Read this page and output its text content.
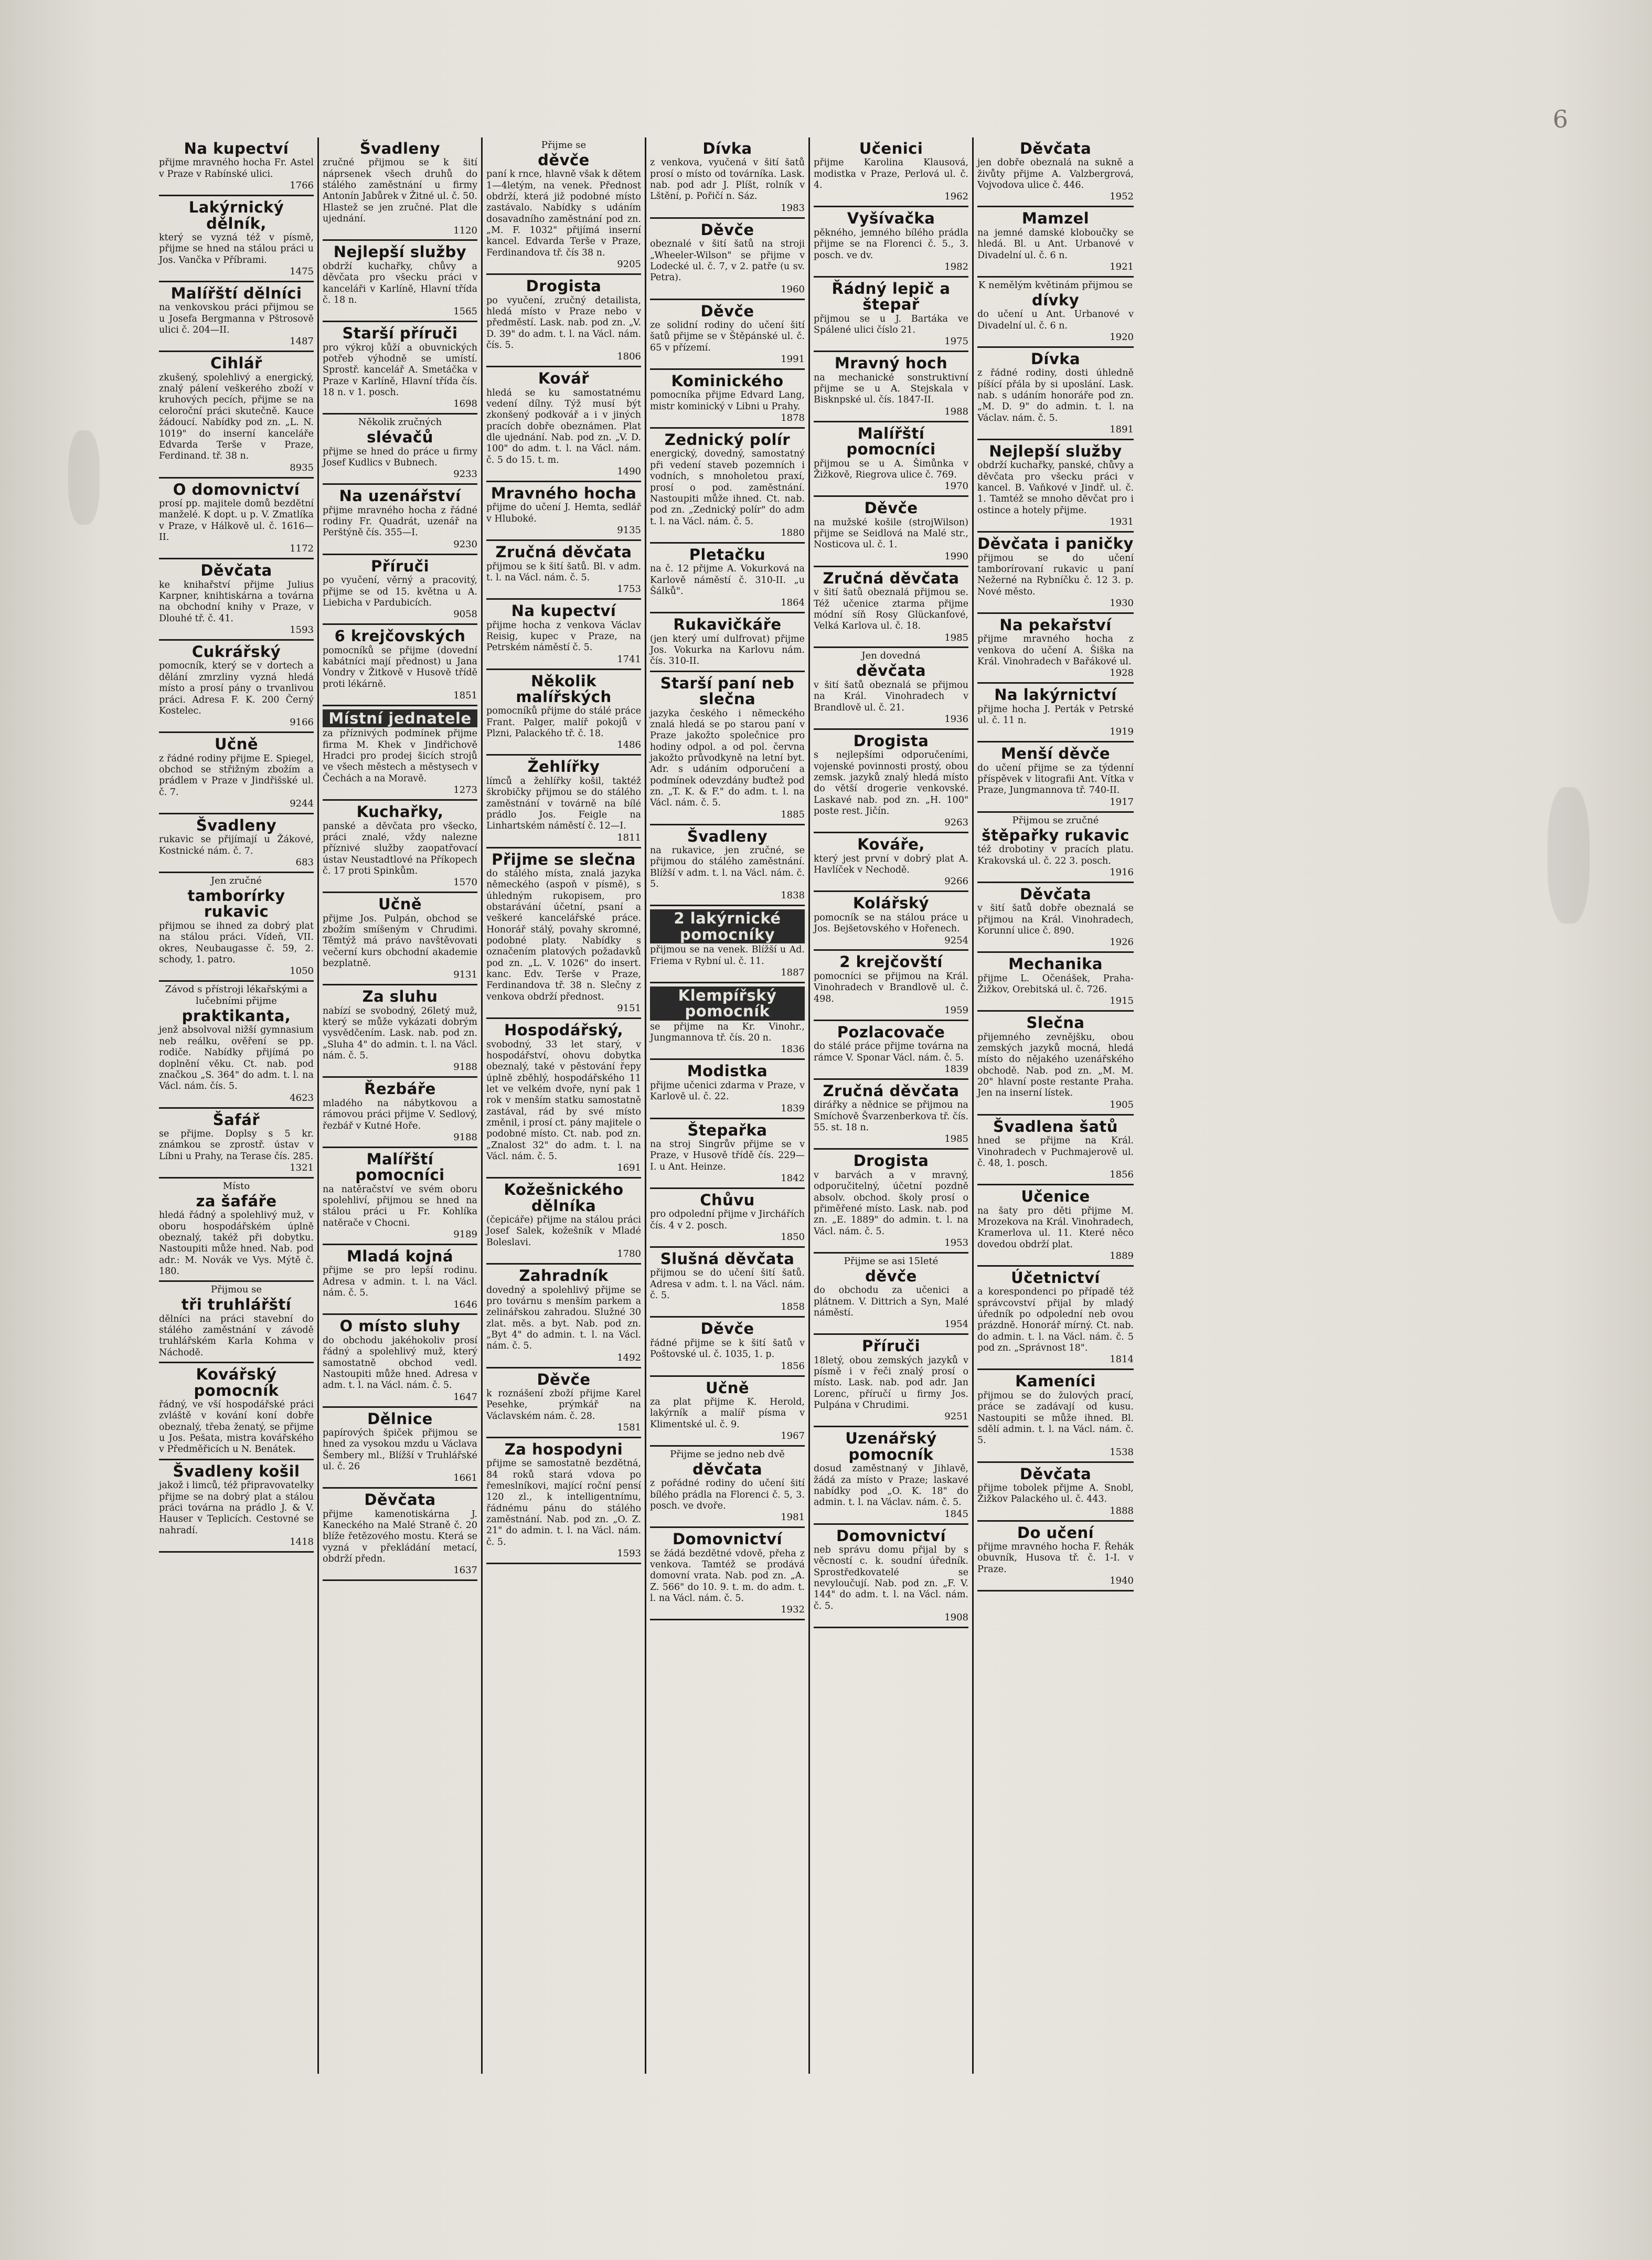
6
Na kupectví
přijme mravného hocha Fr. Astel v Praze v Rabínské ulici.
1766
Lakýrnický dělník,
který se vyzná též v písmě, přijme se hned na stálou práci u Jos. Vančka v Příbrami.
1475
Malířští dělníci
na venkovskou práci přijmou se u Josefa Bergmanna v Pštrosově ulici č. 204—II.
1487
Cihlář
zkušený, spolehlivý a energický, znalý pálení veškerého zboží v kruhových pecích, přijme se na celoroční práci skutečně. Kauce žádoucí. Nabídky pod zn. „L. N. 1019" do inserní kanceláře Edvarda Terše v Praze, Ferdinand. tř. 38 n.
8935
O domovnictví
prosí pp. majitele domů bezdětní manželé. K dopt. u p. V. Zmatlíka v Praze, v Hálkově ul. č. 1616—II.
1172
Děvčata
ke knihařství přijme Julius Karpner, knihtiskárna a továrna na obchodní knihy v Praze, v Dlouhé tř. č. 41.
1593
Cukrářský
pomocník, který se v dortech a dělání zmrzliny vyzná hledá místo a prosí pány o trvanlivou práci. Adresa F. K. 200 Černý Kostelec.
9166
Učně
z řádné rodiny přijme E. Spiegel, obchod se střižným zbožím a prádlem v Praze v Jindřišské ul. č. 7.
9244
Švadleny
rukavic se přijímají u Žákové, Kostnické nám. č. 7.
683
Jen zručné
tamborírky rukavic
přijmou se ihned za dobrý plat na stálou práci. Vídeň, VII. okres, Neubaugasse č. 59, 2. schody, 1. patro.
1050
Závod s přístroji lékařskými a lučebními přijme
praktikanta,
jenž absolvoval nižší gymnasium neb reálku, ověření se pp. rodiče. Nabídky přijímá po doplnění věku. Ct. nab. pod značkou „S. 364" do adm. t. l. na Václ. nám. čís. 5.
4623
Šafář
se přijme. Doplsy s 5 kr. známkou se zprostř. ústav v Líbni u Prahy, na Terase čís. 285.
1321
Místo
za šafáře
hledá řádný a spolehlivý muž, v oboru hospodářském úplně obeznalý, takéž při dobytku. Nastoupiti může hned. Nab. pod adr.: M. Novák ve Vys. Mýtě č. 180.
Přijmou se
tři truhlářští
dělníci na práci stavební do stálého zaměstnání v závodě truhlářském Karla Kohma v Náchodě.
Kovářský pomocník
řádný, ve vší hospodářské práci zvláště v kování koní dobře obeznalý, třeba ženatý, se přijme u Jos. Pešata, mistra kovářského v Předměřicích u N. Benátek.
Švadleny košil
jakož i limců, též připravovatelky přijme se na dobrý plat a stálou práci továrna na prádlo J. & V. Hauser v Teplicích. Cestovné se nahradí.
1418
Švadleny
zručné přijmou se k šití náprsenek všech druhů do stálého zaměstnání u firmy Antonín Jabůrek v Žitné ul. č. 50. Hlastež se jen zručné. Plat dle ujednání.
1120
Nejlepší služby
obdrží kuchařky, chůvy a děvčata pro všecku práci v kanceláři v Karlíně, Hlavní třída č. 18 n.
1565
Starší příruči
pro výkroj kůží a obuvnických potřeb výhodně se umístí. Sprostř. kancelář A. Smetáčka v Praze v Karlíně, Hlavní třída čís. 18 n. v 1. posch.
1698
Několik zručných
slévačů
přijme se hned do práce u firmy Josef Kudlics v Bubnech.
9233
Na uzenářství
přijme mravného hocha z řádné rodiny Fr. Quadrát, uzenář na Perštýně čís. 355—I.
9230
Příruči
po vyučení, věrný a pracovitý, přijme se od 15. května u A. Liebicha v Pardubicích.
9058
6 krejčovských
pomocníků se přijme (dovední kabátníci mají přednost) u Jana Vondry v Žitkově v Husově třídě proti lékárně.
1851
Místní jednatele
za příznivých podmínek přijme firma M. Khek v Jindřichově Hradci pro prodej šicích strojů ve všech městech a městysech v Čechách a na Moravě.
1273
Kuchařky,
panské a děvčata pro všecko, práci znalé, vždy nalezne příznivé služby zaopatřovací ústav Neustadtlové na Příkopech č. 17 proti Spinkům.
1570
Učně
přijme Jos. Pulpán, obchod se zbožím smíšeným v Chrudimi. Těmtýž má právo navštěvovati večerní kurs obchodní akademie bezplatně.
9131
Za sluhu
nabízí se svobodný, 26letý muž, který se může vykázati dobrým vysvědčením. Lask. nab. pod zn. „Sluha 4" do admin. t. l. na Václ. nám. č. 5.
9188
Řezbáře
mladého na nábytkovou a rámovou práci přijme V. Sedlový, řezbář v Kutné Hoře.
9188
Malířští pomocníci
na natěračství ve svém oboru spolehliví, přijmou se hned na stálou práci u Fr. Kohlíka natěrače v Chocni.
9189
Mladá kojná
přijme se pro lepší rodinu. Adresa v admin. t. l. na Václ. nám. č. 5.
1646
O místo sluhy
do obchodu jakéhokoliv prosí řádný a spolehlivý muž, který samostatně obchod vedl. Nastoupiti může hned. Adresa v adm. t. l. na Václ. nám. č. 5.
1647
Dělnice
papírových špiček přijmou se hned za vysokou mzdu u Václava Šembery ml., Blížší v Truhlářské ul. č. 26
1661
Děvčata
přijme kamenotiskárna J. Kaneckého na Malé Straně č. 20 blíže řetězového mostu. Která se vyzná v překládání metací, obdrží předn.
1637
Přijme se
děvče
paní k rnce, hlavně však k dětem 1—4letým, na venek. Přednost obdrží, která již podobné místo zastávalo. Nabídky s udáním dosavadního zaměstnání pod zn. „M. F. 1032" přijímá inserní kancel. Edvarda Terše v Praze, Ferdinandova tř. čís 38 n.
9205
Drogista
po vyučení, zručný detailista, hledá místo v Praze nebo v předměstí. Lask. nab. pod zn. „V. D. 39" do adm. t. l. na Václ. nám. čís. 5.
1806
Kovář
hledá se ku samostatnému vedení dílny. Týž musí být zkonšený podkovář a i v jiných pracích dobře obeznámen. Plat dle ujednání. Nab. pod zn. „V. D. 100" do adm. t. l. na Václ. nám. č. 5 do 15. t. m.
1490
Mravného hocha
přijme do učení J. Hemta, sedlář v Hluboké.
9135
Zručná děvčata
přijmou se k šití šatů. Bl. v adm. t. l. na Václ. nám. č. 5.
1753
Na kupectví
přijme hocha z venkova Václav Reisig, kupec v Praze, na Petrském náměstí č. 5.
1741
Několik malířských
pomocníků přijme do stálé práce Frant. Palger, malíř pokojů v Plzni, Palackého tř. č. 18.
1486
Žehlířky
límců a žehlířky košil, taktéž škrobičky přijmou se do stálého zaměstnání v továrně na bílé prádlo Jos. Feigle na Linhartském náměstí č. 12—I.
1811
Přijme se slečna
do stálého místa, znalá jazyka německého (aspoň v písmě), s úhledným rukopisem, pro obstarávání účetní, psaní a veškeré kancelářské práce. Honorář stálý, povahy skromné, podobné platy. Nabídky s označením platových požadavků pod zn. „L. V. 1026" do insert. kanc. Edv. Terše v Praze, Ferdinandova tř. 38 n. Slečny z venkova obdrží přednost.
9151
Hospodářský,
svobodný, 33 let starý, v hospodářství, ohovu dobytka obeznalý, také v pěstování řepy úplně zběhlý, hospodářského 11 let ve velkém dvoře, nyní pak 1 rok v menším statku samostatně zastával, rád by své místo změnil, i prosí ct. pány majitele o podobné místo. Ct. nab. pod zn. „Znalost 32" do adm. t. l. na Václ. nám. č. 5.
1691
Kožešnického dělníka
(čepicáře) přijme na stálou práci Josef Salek, kožešník v Mladé Boleslavi.
1780
Zahradník
dovedný a spolehlivý přijme se pro továrnu s menším parkem a zelinářskou zahradou. Služné 30 zlat. měs. a byt. Nab. pod zn. „Byt 4" do admin. t. l. na Václ. nám. č. 5.
1492
Děvče
k roznášení zboží přijme Karel Pesehke, prýmkář na Václavském nám. č. 28.
1581
Za hospodyni
přijme se samostatně bezdětná, 84 roků stará vdova po řemeslníkovi, mající roční pensí 120 zl., k intelligentnímu, řádnému pánu do stálého zaměstnání. Nab. pod zn. „O. Z. 21" do admin. t. l. na Václ. nám. č. 5.
1593
Dívka
z venkova, vyučená v šití šatů prosí o místo od továrníka. Lask. nab. pod adr J. Plíšt, rolník v Lštění, p. Pořičí n. Sáz.
1983
Děvče
obeznalé v šití šatů na stroji „Wheeler-Wilson" se přijme v Lodecké ul. č. 7, v 2. patře (u sv. Petra).
1960
Děvče
ze solidní rodiny do učení šití šatů přijme se v Štěpánské ul. č. 65 v přízemí.
1991
Kominického
pomocníka přijme Edvard Lang, mistr kominický v Libni u Prahy.
1878
Zednický polír
energický, dovedný, samostatný při vedení staveb pozemních i vodních, s mnoholetou praxí, prosí o pod. zaměstnání. Nastoupiti může ihned. Ct. nab. pod zn. „Zednický polír" do adm t. l. na Václ. nám. č. 5.
1880
Pletačku
na č. 12 přijme A. Vokurková na Karlově náměstí č. 310-II. „u Šálků".
1864
Rukavičkáře
(jen který umí dulfrovat) přijme Jos. Vokurka na Karlovu nám. čís. 310-II.
Starší paní neb slečna
jazyka českého i německého znalá hledá se po starou paní v Praze jakožto společnice pro hodiny odpol. a od pol. června jakožto průvodkyně na letní byt. Adr. s udáním odporučení a podmínek odevzdány buďtež pod zn. „T. K. & F." do adm. t. l. na Václ. nám. č. 5.
1885
Švadleny
na rukavice, jen zručné, se přijmou do stálého zaměstnání. Blížší v adm. t. l. na Václ. nám. č. 5.
1838
2 lakýrnické pomocníky
přijmou se na venek. Blížší u Ad. Friema v Rybní ul. č. 11.
1887
Klempířský pomocník
se přijme na Kr. Vinohr., Jungmannova tř. čís. 20 n.
1836
Modistka
přijme učenici zdarma v Praze, v Karlově ul. č. 22.
1839
Štepařka
na stroj Singrův přijme se v Praze, v Husově třídě čís. 229—I. u Ant. Heinze.
1842
Chůvu
pro odpolední přijme v Jirchářích čís. 4 v 2. posch.
1850
Slušná děvčata
přijmou se do učení šití šatů. Adresa v adm. t. l. na Václ. nám. č. 5.
1858
Děvče
řádné přijme se k šití šatů v Poštovské ul. č. 1035, 1. p.
1856
Učně
za plat přijme K. Herold, lakýrník a malíř písma v Klimentské ul. č. 9.
1967
Přijme se jedno neb dvě
děvčata
z pořádné rodiny do učení šití bílého prádla na Florenci č. 5, 3. posch. ve dvoře.
1981
Domovnictví
se žádá bezdětné vdově, přeha z venkova. Tamtéž se prodává domovní vrata. Nab. pod zn. „A. Z. 566" do 10. 9. t. m. do adm. t. l. na Václ. nám. č. 5.
1932
Učenici
přijme Karolina Klausová, modistka v Praze, Perlová ul. č. 4.
1962
Vyšívačka
pěkného, jemného bílého prádla přijme se na Florenci č. 5., 3. posch. ve dv.
1982
Řádný lepič a štepař
přijmou se u J. Bartáka ve Spálené ulici číslo 21.
1975
Mravný hoch
na mechanické sonstruktivní přijme se u A. Stejskala v Bisknpské ul. čís. 1847-II.
1988
Malířští pomocníci
přijmou se u A. Šimůnka v Žižkově, Riegrova ulice č. 769.
1970
Děvče
na mužské košile (strojWilson) přijme se Seidlová na Malé str., Nosticova ul. č. 1.
1990
Zručná děvčata
v šití šatů obeznalá přijmou se. Též učenice ztarma přijme módní síň Rosy Glückanfové, Velká Karlova ul. č. 18.
1985
Jen dovedná
děvčata
v šití šatů obeznalá se přijmou na Král. Vinohradech v Brandlově ul. č. 21.
1936
Drogista
s nejlepšími odporučeními, vojenské povinnosti prostý, obou zemsk. jazyků znalý hledá místo do větší drogerie venkovské. Laskavé nab. pod zn. „H. 100" poste rest. Jičín.
9263
Kováře,
který jest první v dobrý plat A. Havlíček v Nechodě.
9266
Kolářský
pomocník se na stálou práce u Jos. Bejšetovského v Hořenech.
9254
2 krejčovští
pomocníci se přijmou na Král. Vinohradech v Brandlově ul. č. 498.
1959
Pozlacovače
do stálé práce přijme továrna na rámce V. Sponar Václ. nám. č. 5.
1839
Zručná děvčata
dirářky a nědnice se přijmou na Smíchově Švarzenberkova tř. čís. 55. st. 18 n.
1985
Drogista
v barvách a v mravný, odporučitelný, účetní pozdně absolv. obchod. školy prosí o přiměřené místo. Lask. nab. pod zn. „E. 1889" do admin. t. l. na Václ. nám. č. 5.
1953
Přijme se asi 15leté
děvče
do obchodu za učenici a plátnem. V. Dittrich a Syn, Malé náměstí.
1954
Příruči
18letý, obou zemských jazyků v písmě i v řeči znalý prosí o místo. Lask. nab. pod adr. Jan Lorenc, příručí u firmy Jos. Pulpána v Chrudimi.
9251
Uzenářský pomocník
dosud zaměstnaný v Jihlavě, žádá za místo v Praze; laskavé nabídky pod „O. K. 18" do admin. t. l. na Václav. nám. č. 5.
1845
Domovnictví
neb správu domu přijal by s věcností c. k. soudní úředník. Sprostředkovatelé se nevyloučují. Nab. pod zn. „F. V. 144" do adm. t. l. na Václ. nám. č. 5.
1908
Děvčata
jen dobře obeznalá na sukně a živůty přijme A. Valzbergrová, Vojvodova ulice č. 446.
1952
Mamzel
na jemné damské kloboučky se hledá. Bl. u Ant. Urbanové v Divadelní ul. č. 6 n.
1921
K nemělým květinám přijmou se
dívky
do učení u Ant. Urbanové v Divadelní ul. č. 6 n.
1920
Dívka
z řádné rodiny, dosti úhledně píšící přála by si uposlání. Lask. nab. s udáním honoráře pod zn. „M. D. 9" do admin. t. l. na Václav. nám. č. 5.
1891
Nejlepší služby
obdrží kuchařky, panské, chůvy a děvčata pro všecku práci v kancel. B. Vaňkové v Jindř. ul. č. 1. Tamtéž se mnoho děvčat pro i ostince a hotely přijme.
1931
Děvčata i paničky
přijmou se do učení tamborírovaní rukavic u paní Nežerné na Rybníčku č. 12 3. p. Nové město.
1930
Na pekařství
přijme mravného hocha z venkova do učení A. Šiška na Král. Vinohradech v Bařákové ul.
1928
Na lakýrnictví
přijme hocha J. Perták v Petrské ul. č. 11 n.
1919
Menší děvče
do učení přijme se za týdenní příspěvek v litografii Ant. Vítka v Praze, Jungmannova tř. 740-II.
1917
Přijmou se zručné
štěpařky rukavic
též drobotiny v pracích platu. Krakovská ul. č. 22 3. posch.
1916
Děvčata
v šití šatů dobře obeznalá se přijmou na Král. Vinohradech, Korunní ulice č. 890.
1926
Mechanika
přijme L. Očenášek, Praha-Žižkov, Orebitská ul. č. 726.
1915
Slečna
přijemného zevnějšku, obou zemských jazyků mocná, hledá místo do nějakého uzenářského obchodě. Nab. pod zn. „M. M. 20" hlavní poste restante Praha. Jen na inserní lístek.
1905
Švadlena šatů
hned se přijme na Král. Vinohradech v Puchmajerově ul. č. 48, 1. posch.
1856
Učenice
na šaty pro děti přijme M. Mrozekova na Král. Vinohradech, Kramerlova ul. 11. Které něco dovedou obdrží plat.
1889
Účetnictví
a korespondenci po případě též správcovství přijal by mladý úředník po odpolední neb ovou prázdně. Honorář mírný. Ct. nab. do admin. t. l. na Václ. nám. č. 5 pod zn. „Správnost 18".
1814
Kameníci
přijmou se do žulových prací, práce se zadávají od kusu. Nastoupiti se může ihned. Bl. sdělí admin. t. l. na Václ. nám. č. 5.
1538
Děvčata
přijme tobolek přijme A. Snobl, Žižkov Palackého ul. č. 443.
1888
Do učení
přijme mravného hocha F. Řehák obuvník, Husova tř. č. 1-I. v Praze.
1940
